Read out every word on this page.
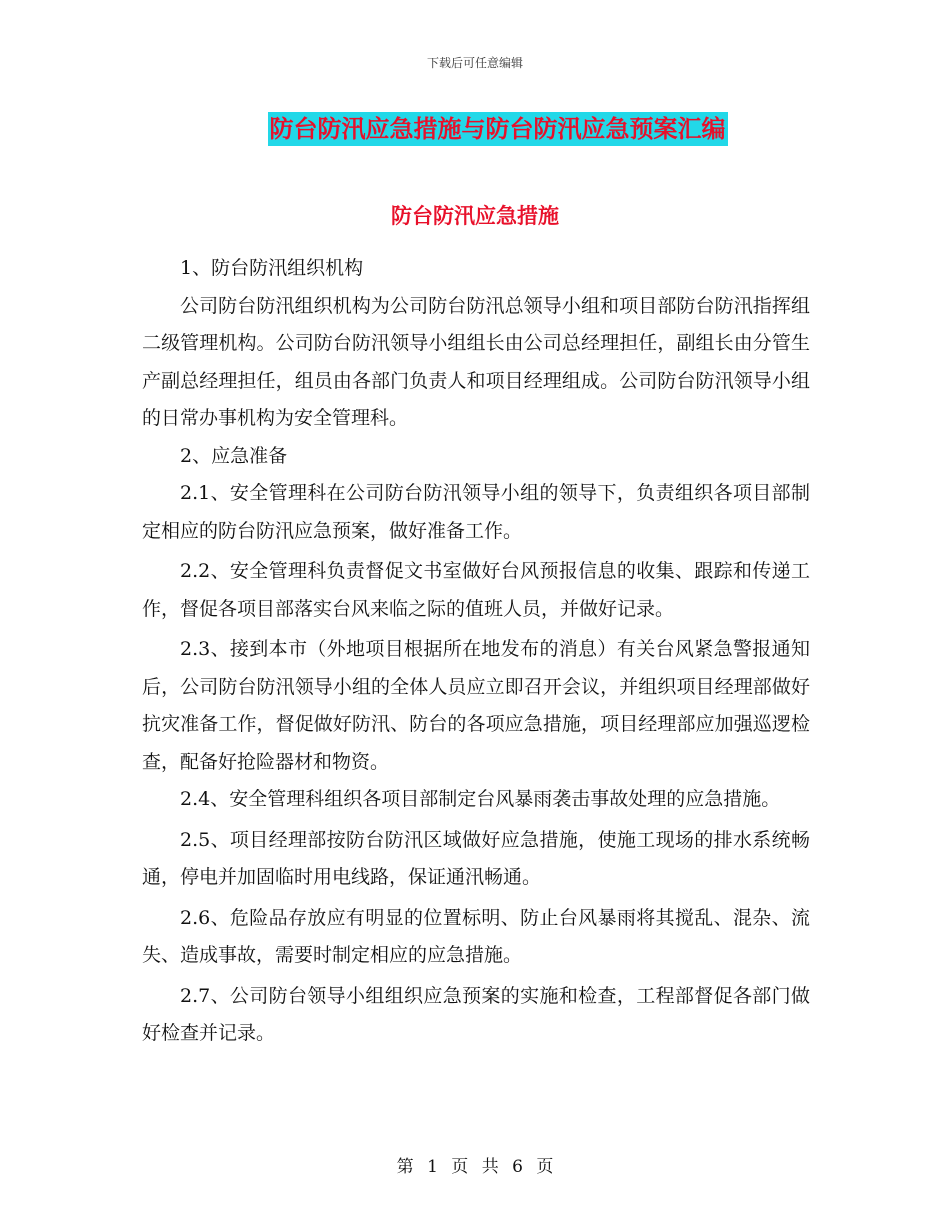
下载后可任意编辑
防台防汛应急措施与防台防汛应急预案汇编
防台防汛应急措施

1、防台防汛组织机构

公司防台防汛组织机构为公司防台防汛总领导小组和项目部防台防汛指挥组二级管理机构。公司防台防汛领导小组组长由公司总经理担任，副组长由分管生产副总经理担任，组员由各部门负责人和项目经理组成。公司防台防汛领导小组的日常办事机构为安全管理科。

2、应急准备

2.1、安全管理科在公司防台防汛领导小组的领导下，负责组织各项目部制定相应的防台防汛应急预案，做好准备工作。

2.2、安全管理科负责督促文书室做好台风预报信息的收集、跟踪和传递工作，督促各项目部落实台风来临之际的值班人员，并做好记录。

2.3、接到本市（外地项目根据所在地发布的消息）有关台风紧急警报通知后，公司防台防汛领导小组的全体人员应立即召开会议，并组织项目经理部做好抗灾准备工作，督促做好防汛、防台的各项应急措施，项目经理部应加强巡逻检查，配备好抢险器材和物资。

2.4、安全管理科组织各项目部制定台风暴雨袭击事故处理的应急措施。

2.5、项目经理部按防台防汛区域做好应急措施，使施工现场的排水系统畅通，停电并加固临时用电线路，保证通汛畅通。

2.6、危险品存放应有明显的位置标明、防止台风暴雨将其搅乱、混杂、流失、造成事故，需要时制定相应的应急措施。

2.7、公司防台领导小组组织应急预案的实施和检查，工程部督促各部门做好检查并记录。

第 1 页 共 6 页
